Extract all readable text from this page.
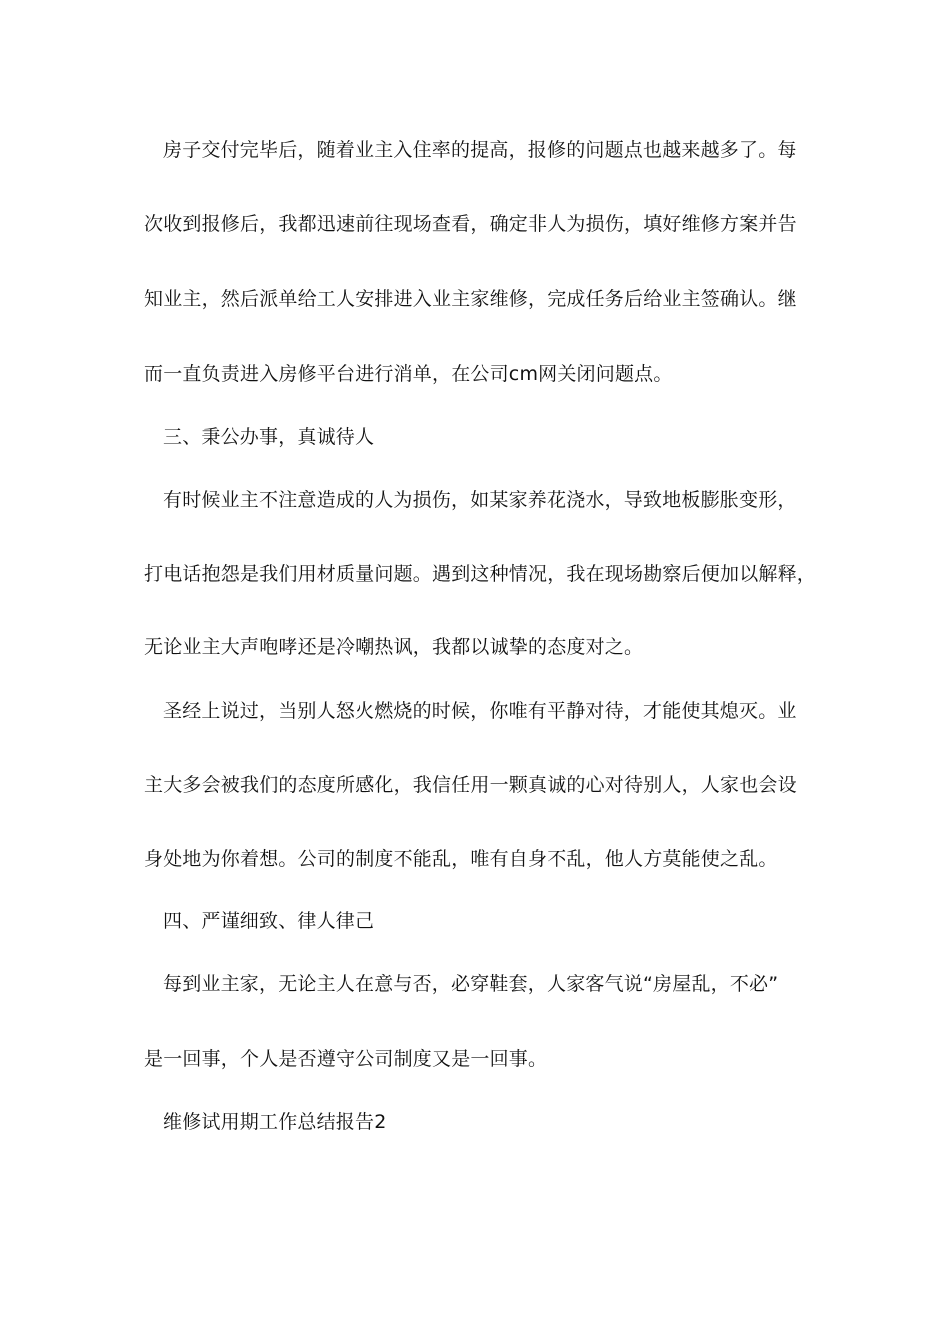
房子交付完毕后，随着业主入住率的提高，报修的问题点也越来越多了。每
次收到报修后，我都迅速前往现场查看，确定非人为损伤，填好维修方案并告
知业主，然后派单给工人安排进入业主家维修，完成任务后给业主签确认。继
而一直负责进入房修平台进行消单，在公司cm网关闭问题点。
三、秉公办事，真诚待人
有时候业主不注意造成的人为损伤，如某家养花浇水，导致地板膨胀变形，
打电话抱怨是我们用材质量问题。遇到这种情况，我在现场勘察后便加以解释，
无论业主大声咆哮还是冷嘲热讽，我都以诚挚的态度对之。
圣经上说过，当别人怒火燃烧的时候，你唯有平静对待，才能使其熄灭。业
主大多会被我们的态度所感化，我信任用一颗真诚的心对待别人，人家也会设
身处地为你着想。公司的制度不能乱，唯有自身不乱，他人方莫能使之乱。
四、严谨细致、律人律己
每到业主家，无论主人在意与否，必穿鞋套，人家客气说“房屋乱，不必”
是一回事，个人是否遵守公司制度又是一回事。
维修试用期工作总结报告2
